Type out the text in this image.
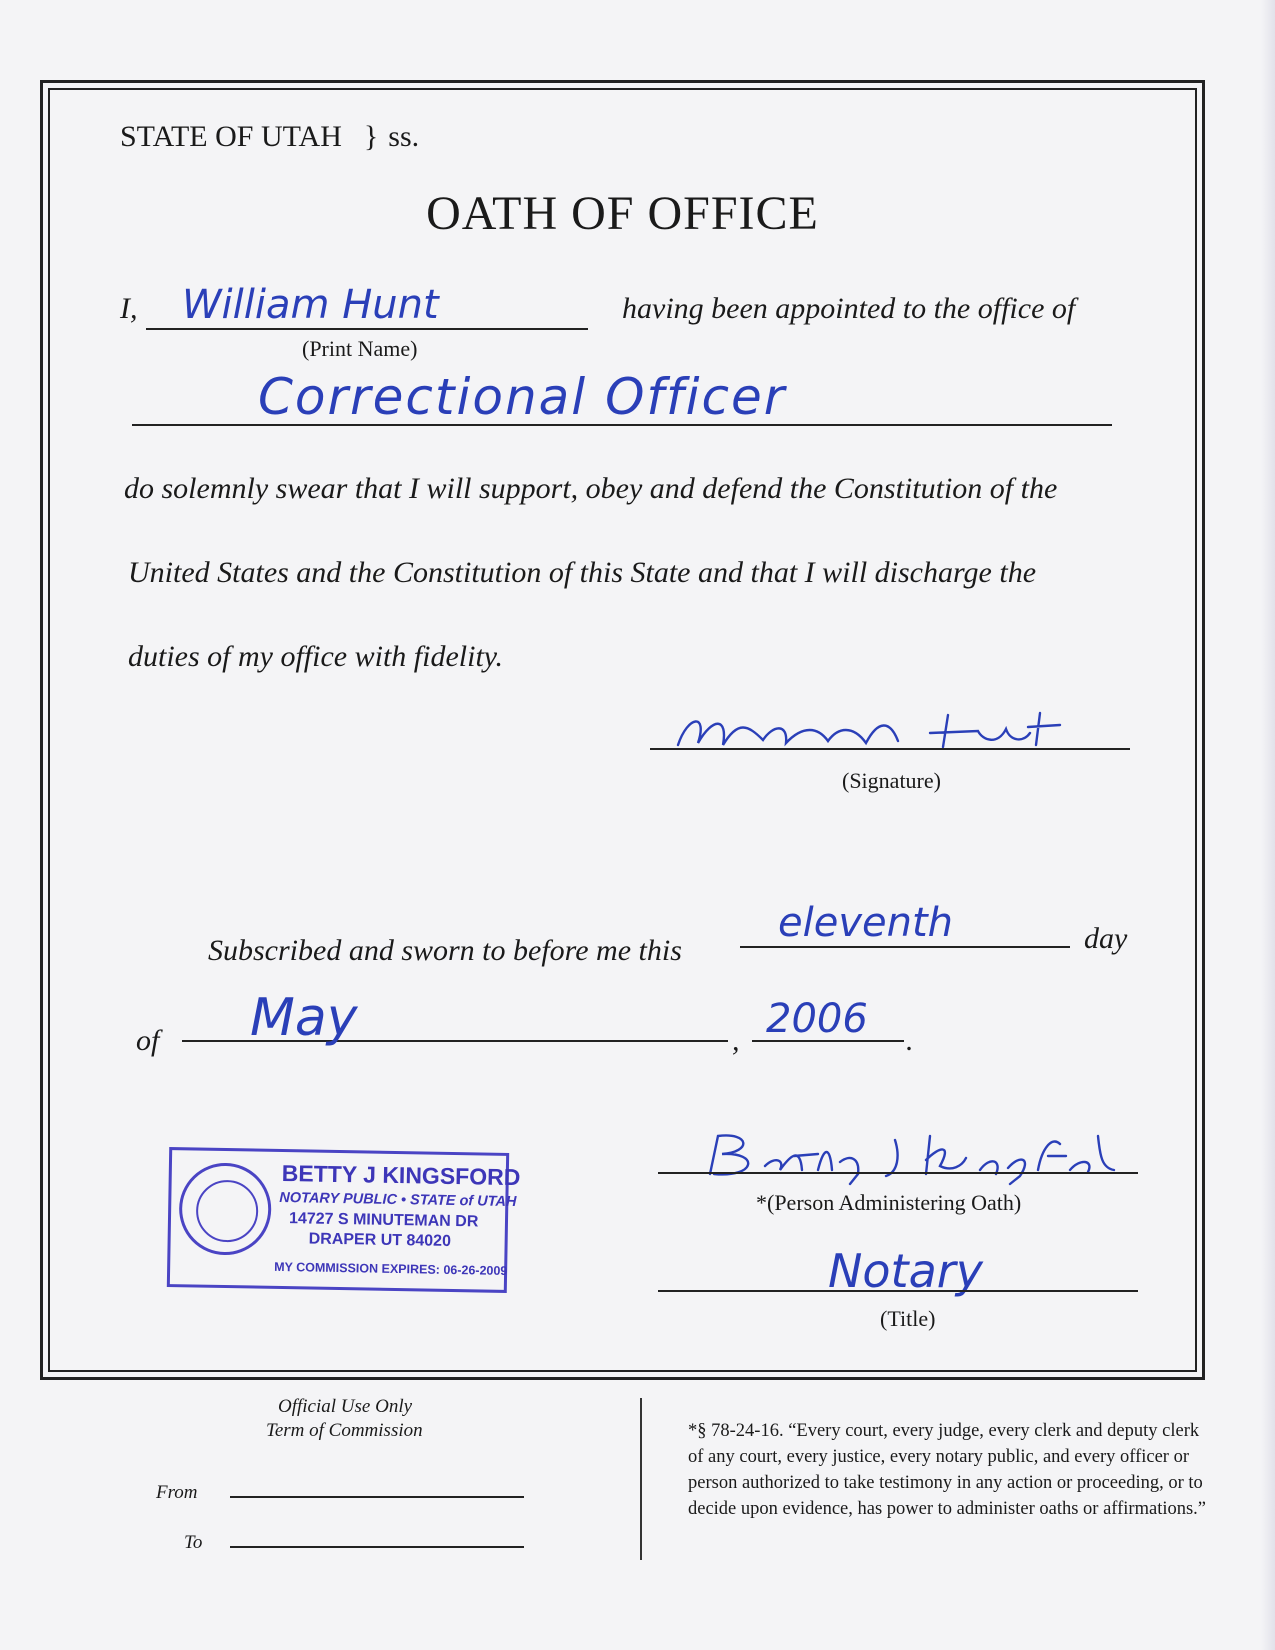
STATE OF UTAH } ss.
OATH OF OFFICE
I, William Hunt
(Print Name)
having been appointed to the office of
Correctional Officer
do solemnly swear that I will support, obey and defend the Constitution of the
United States and the Constitution of this State and that I will discharge the
duties of my office with fidelity.
(Signature)
Subscribed and sworn to before me this
eleventh	day
of May	, 2006 .
BETTY J KINGSFORD
NOTARY PUBLIC • STATE of UTAH
14727 S MINUTEMAN DR
DRAPER UT 84020
MY COMMISSION EXPIRES: 06-26-2009
*(Person Administering Oath)
Notary
(Title)
Official Use Only
Term of Commission
From
To
*§ 78-24-16. “Every court, every judge, every clerk and deputy clerk of any court, every justice, every notary public, and every officer or person authorized to take testimony in any action or proceeding, or to decide upon evidence, has power to administer oaths or affirmations.”
